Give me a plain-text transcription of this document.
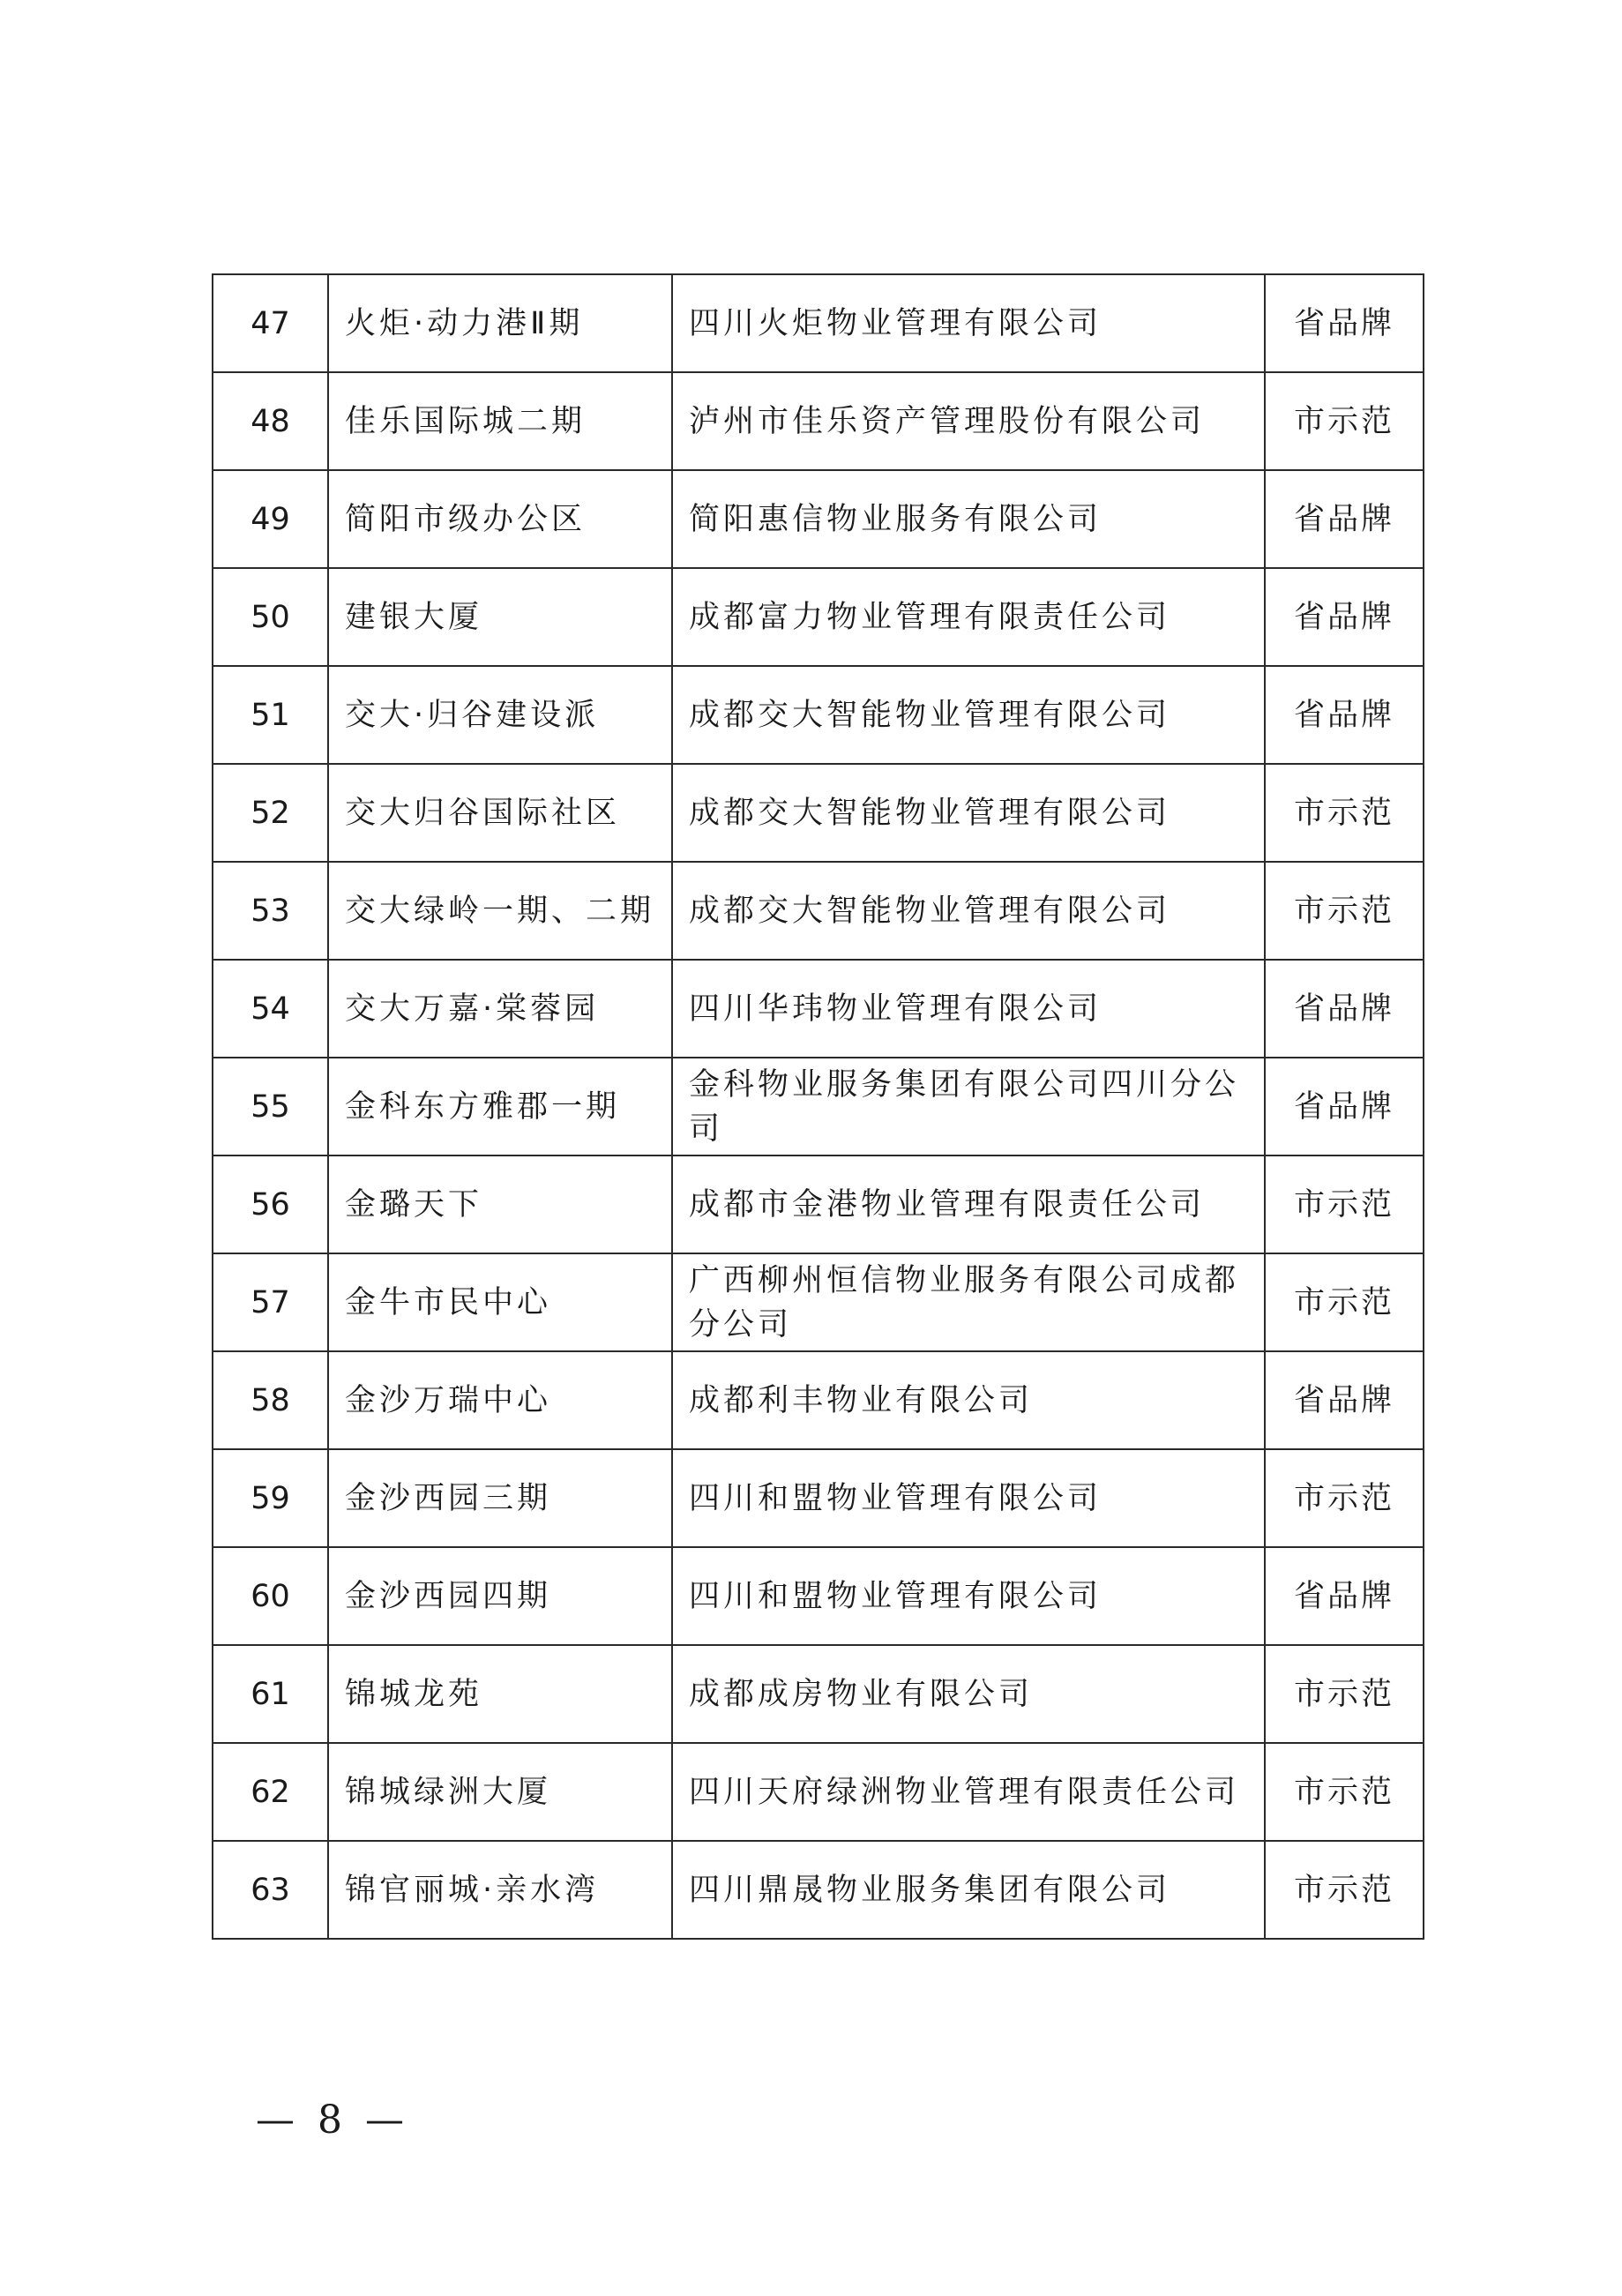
47	火炬·动力港Ⅱ期	四川火炬物业管理有限公司	省品牌
48	佳乐国际城二期	泸州市佳乐资产管理股份有限公司	市示范
49	简阳市级办公区	简阳惠信物业服务有限公司	省品牌
50	建银大厦	成都富力物业管理有限责任公司	省品牌
51	交大·归谷建设派	成都交大智能物业管理有限公司	省品牌
52	交大归谷国际社区	成都交大智能物业管理有限公司	市示范
53	交大绿岭一期、二期	成都交大智能物业管理有限公司	市示范
54	交大万嘉·棠蓉园	四川华玮物业管理有限公司	省品牌
55	金科东方雅郡一期	金科物业服务集团有限公司四川分公司	省品牌
56	金璐天下	成都市金港物业管理有限责任公司	市示范
57	金牛市民中心	广西柳州恒信物业服务有限公司成都分公司	市示范
58	金沙万瑞中心	成都利丰物业有限公司	省品牌
59	金沙西园三期	四川和盟物业管理有限公司	市示范
60	金沙西园四期	四川和盟物业管理有限公司	省品牌
61	锦城龙苑	成都成房物业有限公司	市示范
62	锦城绿洲大厦	四川天府绿洲物业管理有限责任公司	市示范
63	锦官丽城·亲水湾	四川鼎晟物业服务集团有限公司	市示范
— 8 —
